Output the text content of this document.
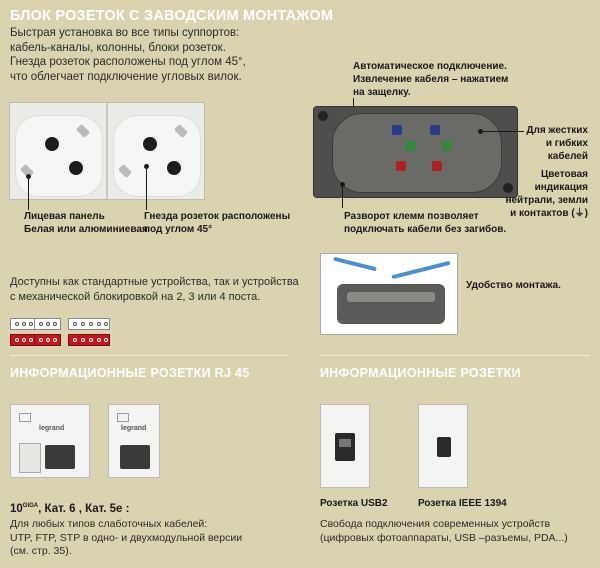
БЛОК РОЗЕТОК С ЗАВОДСКИМ МОНТАЖОМ
Быстрая установка во все типы суппортов:
кабель-каналы, колонны, блоки розеток.
Гнезда розеток расположены под углом 45°,
что облегчает подключение угловых вилок.
Лицевая панель
Белая или алюминиевая
Гнезда розеток расположены
под углом 45°
Автоматическое подключение.
Извлечение кабеля – нажатием
на защелку.
Для жестких
и гибких
кабелей
Цветовая
индикация
нейтрали, земли
и контактов (⏚)
Разворот клемм позволяет
подключать кабели без загибов.
Доступны как стандартные устройства, так и устройства
с механической блокировкой на 2, 3 или 4 поста.
Удобство монтажа.
ИНФОРМАЦИОННЫЕ РОЗЕТКИ RJ 45	ИНФОРМАЦИОННЫЕ РОЗЕТКИ
legrand	legrand
$10^{GIGA}$, Кат. 6 , Кат. 5e :
Для любых типов слаботочных кабелей:
UTP, FTP, STP в одно- и двухмодульной версии
(см. стр. 35).
Розетка USB2	Розетка IEEE 1394
Свобода подключения современных устройств
(цифровых фотоаппараты, USB –разъемы, PDA...)
